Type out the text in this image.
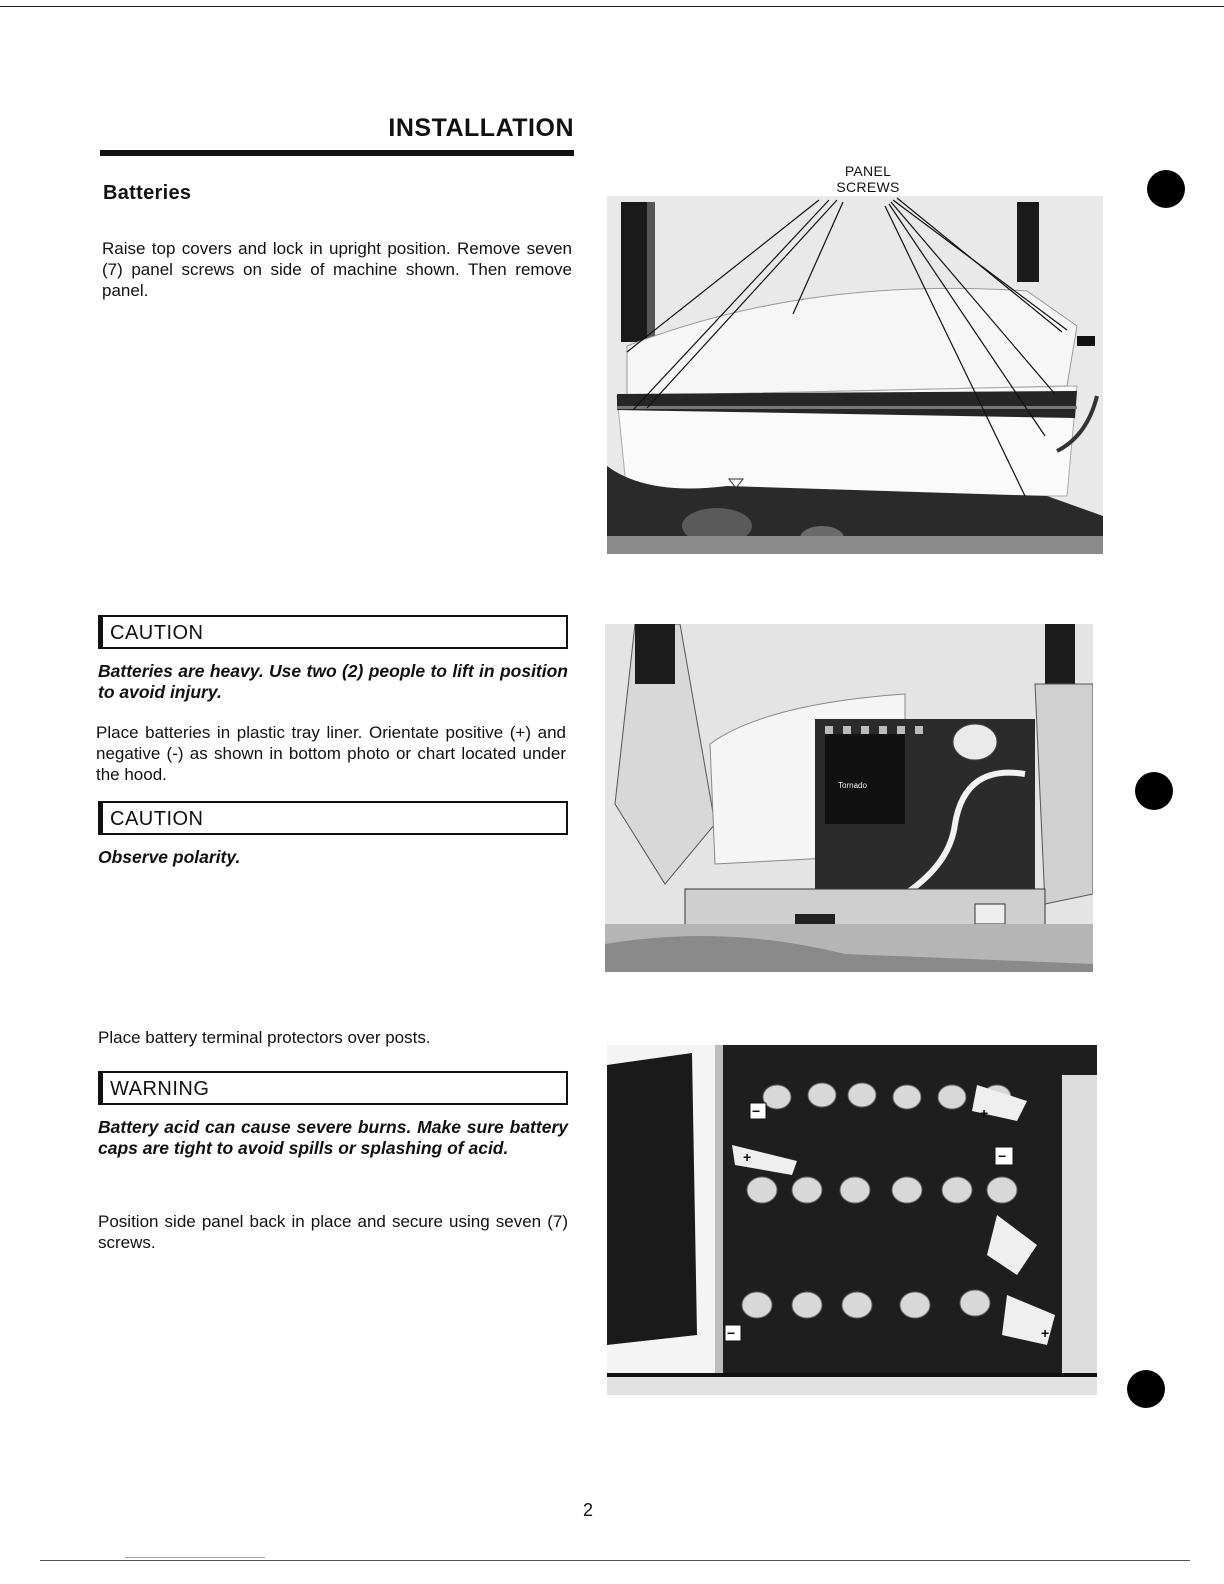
INSTALLATION
Batteries

Raise top covers and lock in upright position. Remove seven (7) panel screws on side of machine shown. Then remove panel.

CAUTION

Batteries are heavy. Use two (2) people to lift in position to avoid injury.

Place batteries in plastic tray liner. Orientate positive (+) and negative (-) as shown in bottom photo or chart located under the hood.

CAUTION

Observe polarity.

Place battery terminal protectors over posts.

WARNING

Battery acid can cause severe burns. Make sure battery caps are tight to avoid spills or splashing of acid.

Position side panel back in place and secure using seven (7) screws.

PANEL
SCREWS
Tornado
−	+
+	−
−	+
2
